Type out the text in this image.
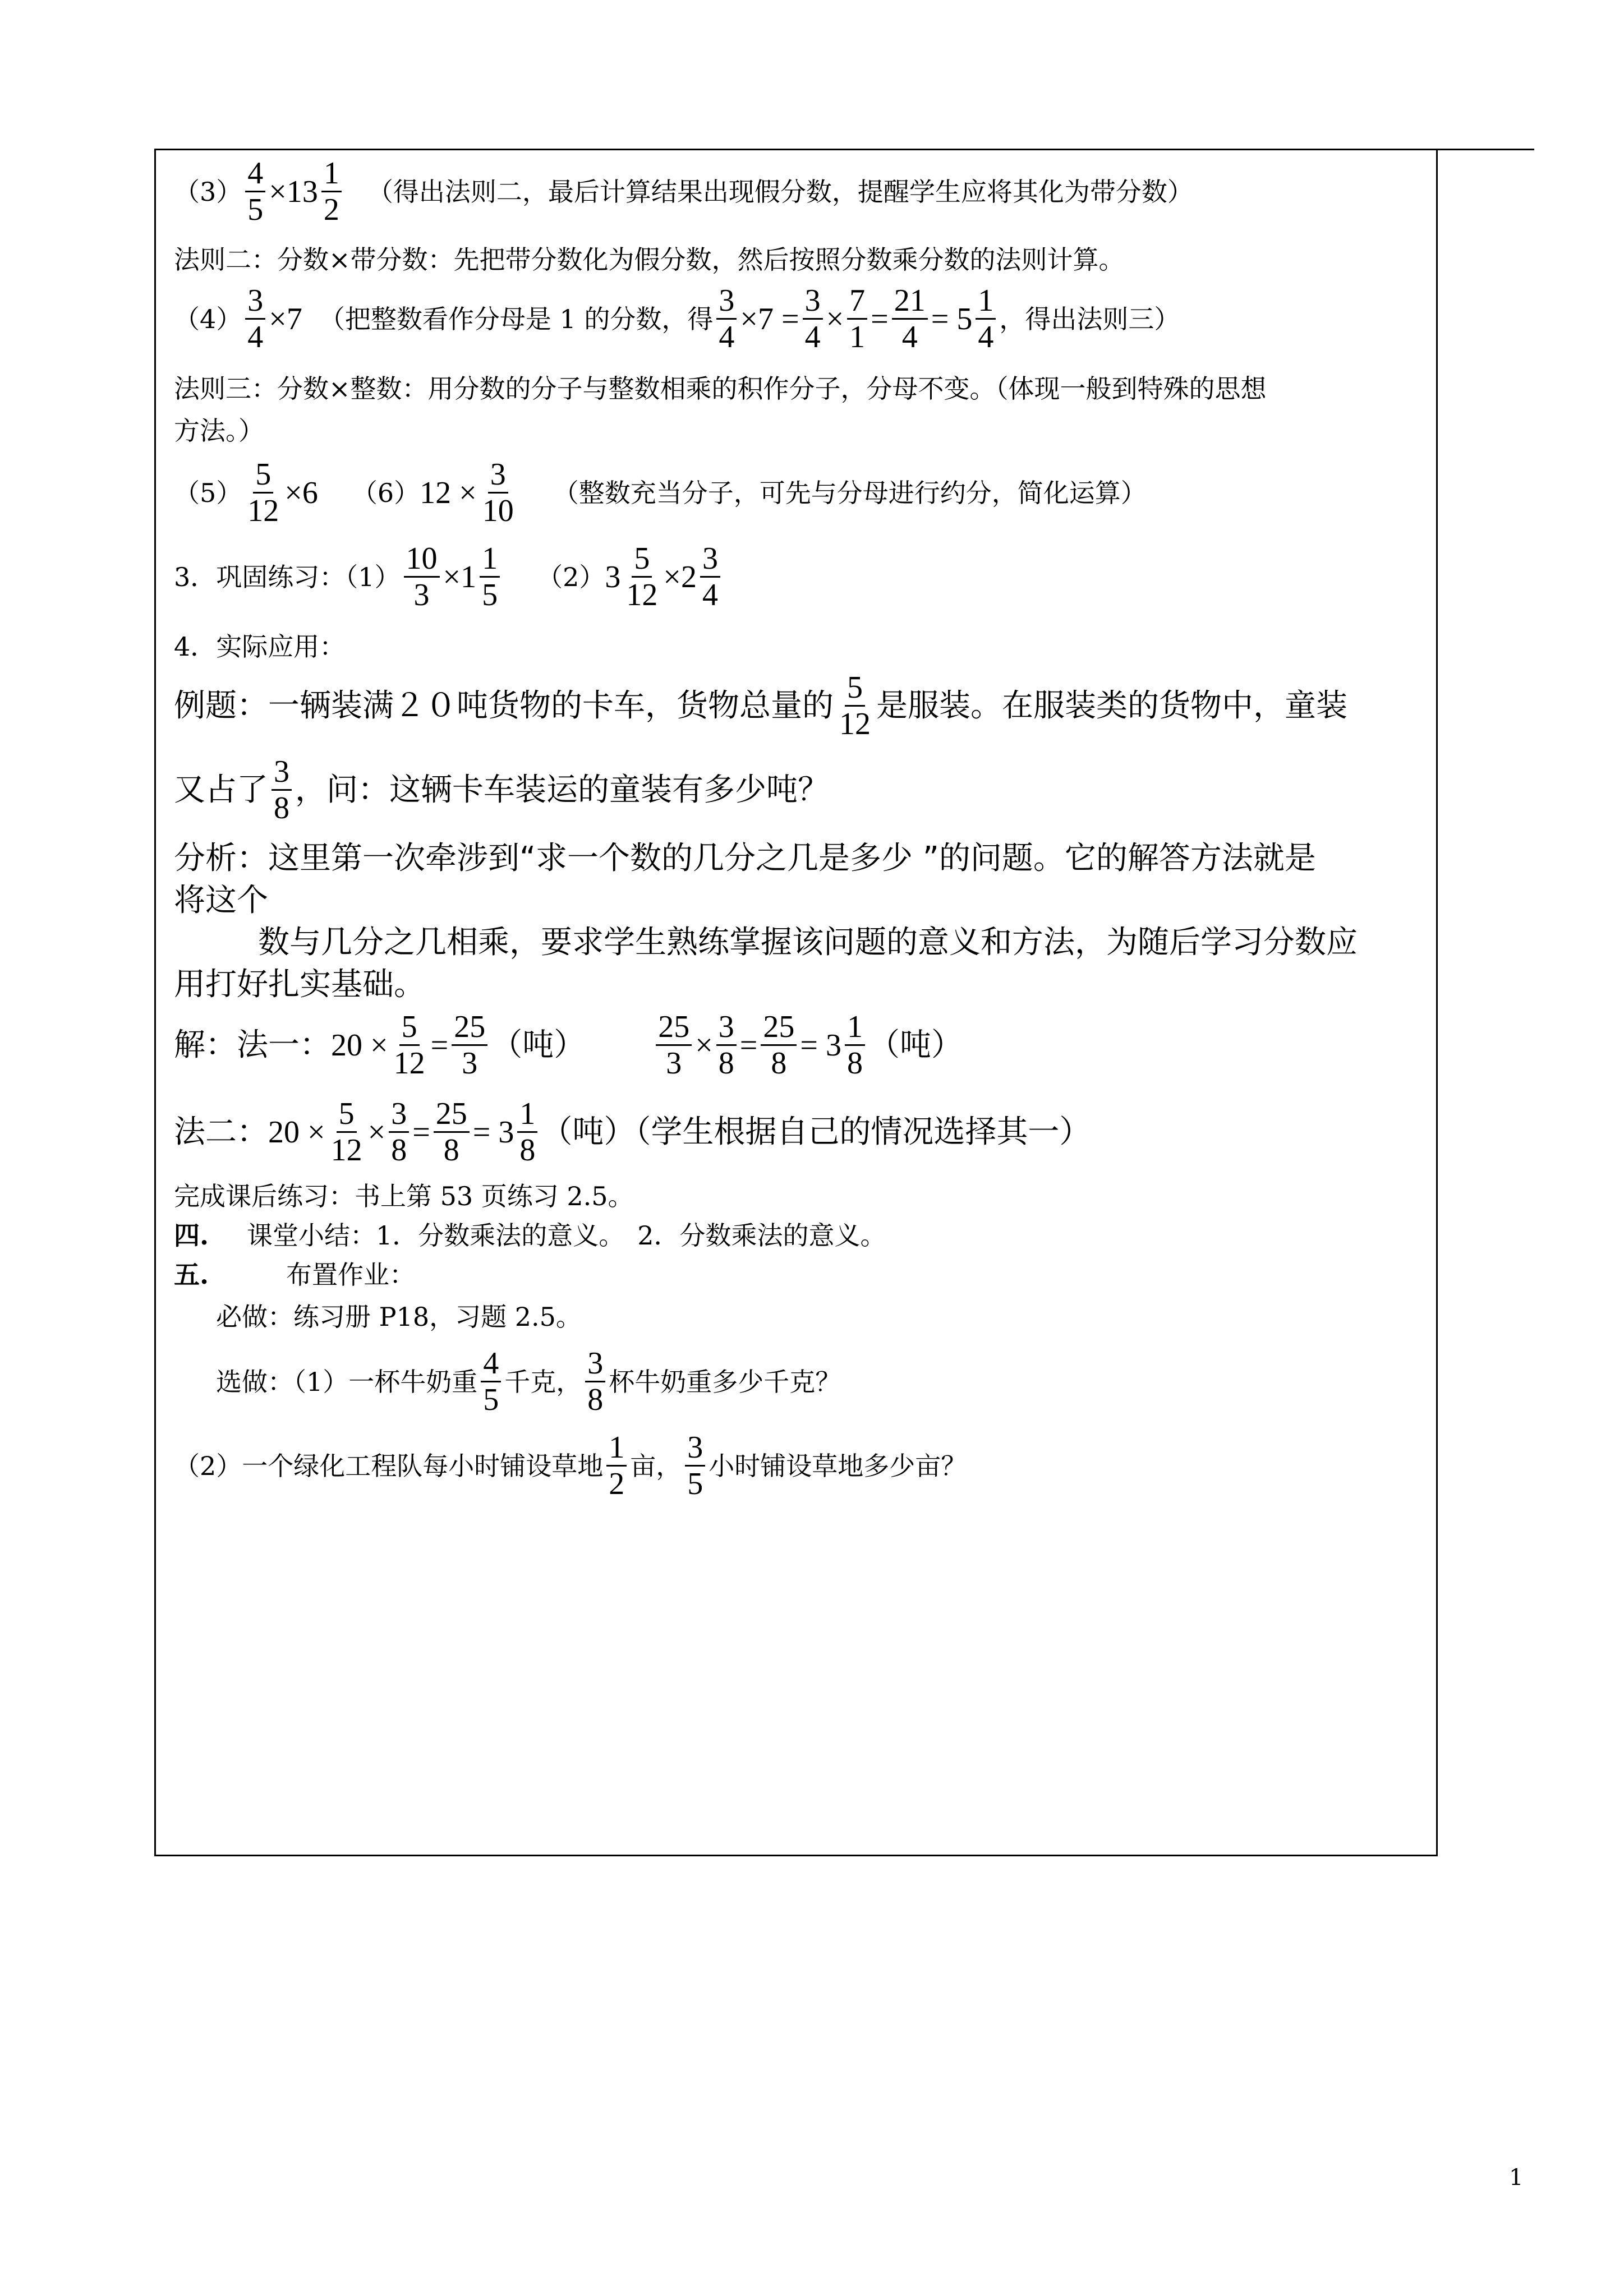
$(3) \frac{4}{5} \times 13 \frac{1}{2}$ （得出法则二，最后计算结果出现假分数，提醒学生应将其化为带分数）
法则二：分数×带分数：先把带分数化为假分数，然后按照分数乘分数的法则计算。
$(4) \frac{3}{4} \times 7$ （把整数看作分母是 1 的分数，得 $\frac{3}{4} \times 7 = \frac{3}{4} \times \frac{7}{1} = \frac{21}{4} = 5 \frac{1}{4}$ ，得出法则三）
法则三：分数×整数：用分数的分子与整数相乘的积作分子，分母不变。（体现一般到特殊的思想
方法。）
$(5) \frac{5}{12} \times 6$ （6） $12 \times \frac{3}{10}$ （整数充当分子，可先与分母进行约分，简化运算）
3．巩固练习：$(1) \frac{10}{3} \times 1 \frac{1}{5} (2)$ $3 \frac{5}{12} \times 2 \frac{3}{4}$
4．实际应用：
例题：一辆装满２０吨货物的卡车，货物总量的 $\frac{5}{12}$ 是服装。在服装类的货物中，童装
又占了 $\frac{3}{8}$ ，问：这辆卡车装运的童装有多少吨？
分析：这里第一次牵涉到“求一个数的几分之几是多少 ”的问题。它的解答方法就是
将这个
数与几分之几相乘，要求学生熟练掌握该问题的意义和方法，为随后学习分数应
用打好扎实基础。
解：法一： $20 \times \frac{5}{12} = \frac{25}{3}$ （吨） $\frac{25}{3} \times \frac{3}{8} = \frac{25}{8} = 3 \frac{1}{8}$ （吨）
法二： $20 \times \frac{5}{12} \times \frac{3}{8} = \frac{25}{8} = 3 \frac{1}{8}$ （吨）（学生根据自己的情况选择其一）
完成课后练习：书上第 53 页练习 2.5。
四.	课堂小结：1．分数乘法的意义。　2．分数乘法的意义。
五.	布置作业：
必做：练习册 P18，习题 2.5。
选做：（1）一杯牛奶重 $\frac{4}{5}$ 千克， $\frac{3}{8}$ 杯牛奶重多少千克？
（2）一个绿化工程队每小时铺设草地 $\frac{1}{2}$ 亩， $\frac{3}{5}$ 小时铺设草地多少亩？
1
